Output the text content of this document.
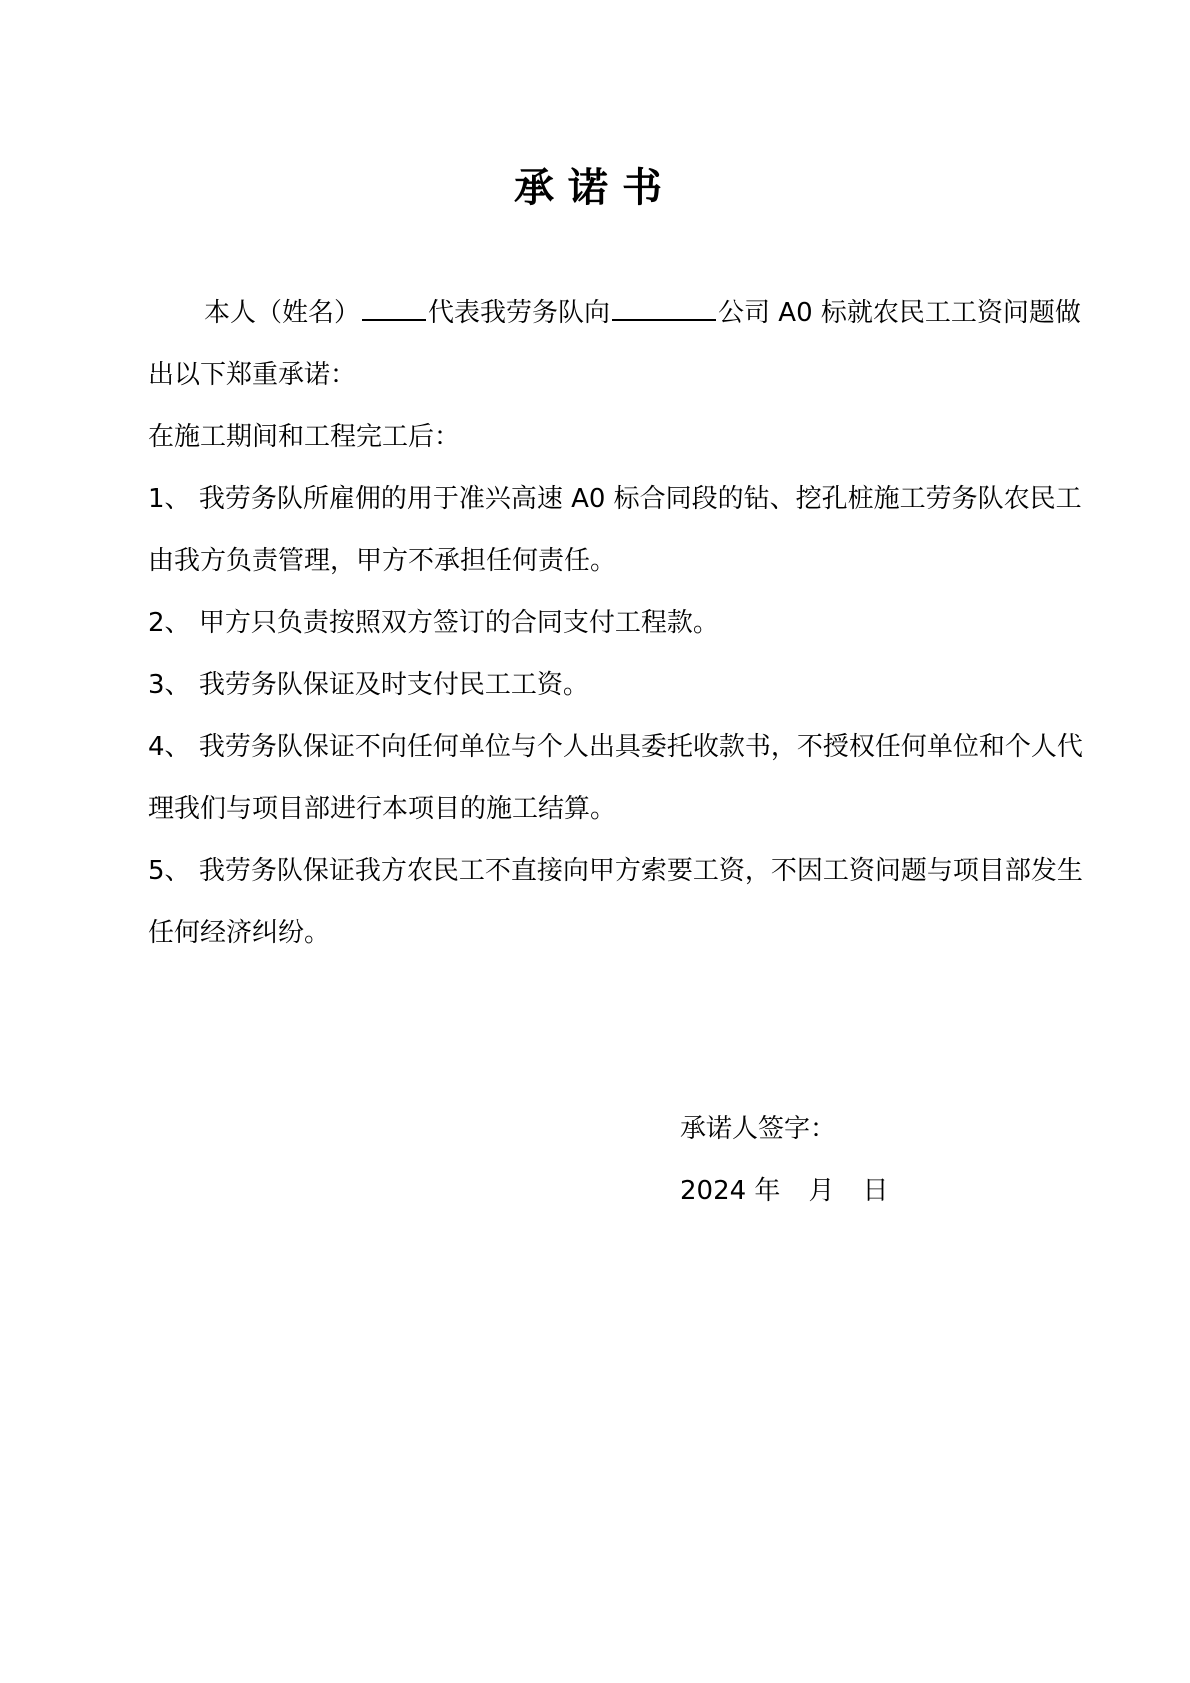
承诺书

本人（姓名）	代表我劳务队向	公司 A0 标就农民工工资问题做出以下郑重承诺：

在施工期间和工程完工后：

1、 我劳务队所雇佣的用于准兴高速 A0 标合同段的钻、挖孔桩施工劳务队农民工由我方负责管理，甲方不承担任何责任。

2、 甲方只负责按照双方签订的合同支付工程款。

3、 我劳务队保证及时支付民工工资。

4、 我劳务队保证不向任何单位与个人出具委托收款书，不授权任何单位和个人代理我们与项目部进行本项目的施工结算。

5、 我劳务队保证我方农民工不直接向甲方索要工资，不因工资问题与项目部发生任何经济纠纷。

承诺人签字：

2024 年 月 日
